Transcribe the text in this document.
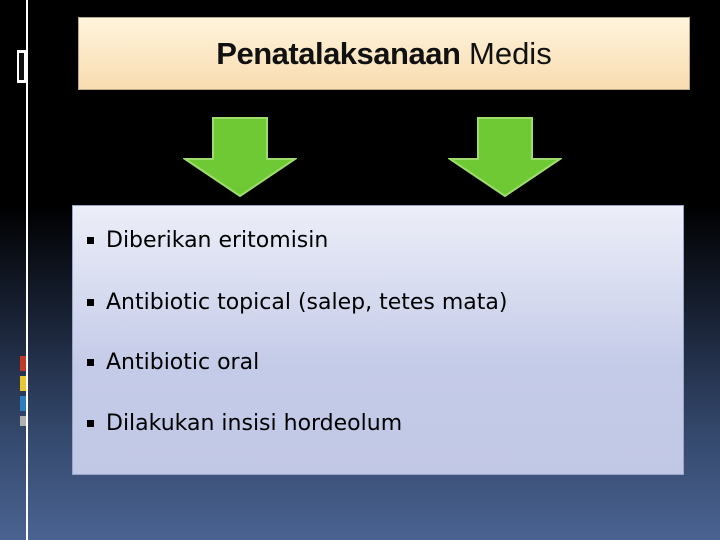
Penatalaksanaan Medis
Diberikan eritomisin
Antibiotic topical (salep, tetes mata)
Antibiotic oral
Dilakukan insisi hordeolum
